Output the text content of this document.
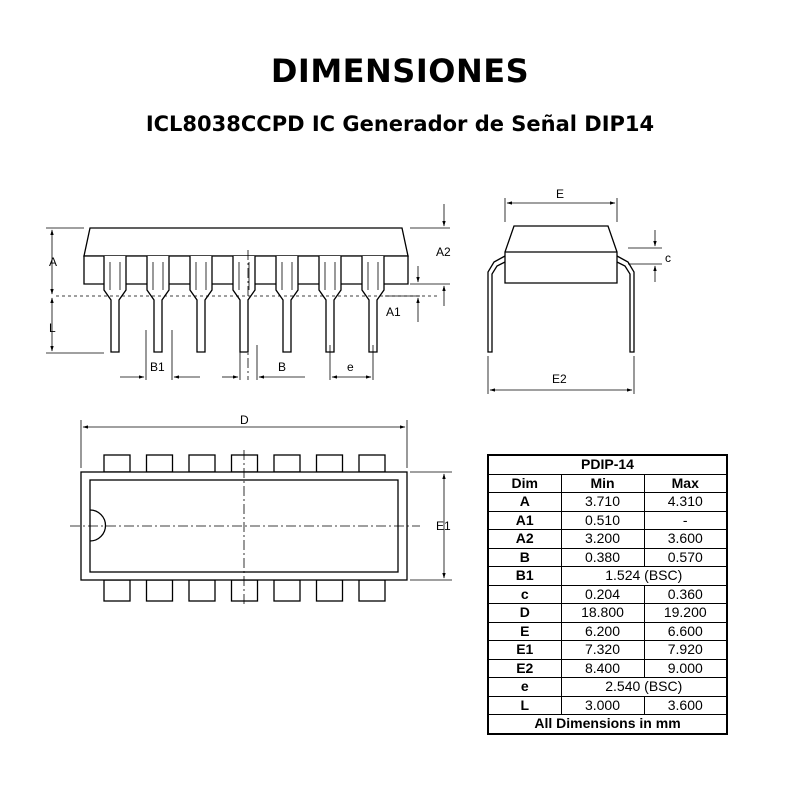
DIMENSIONES
ICL8038CCPD IC Generador de Señal DIP14
A
L
A2
A1
B1	B	e
E
c
E2
D
E1
PDIP-14		
Dim	Min	Max
A	3.710	4.310
A1	0.510	-
A2	3.200	3.600
B	0.380	0.570
B1	1.524 (BSC)	
c	0.204	0.360
D	18.800	19.200
E	6.200	6.600
E1	7.320	7.920
E2	8.400	9.000
e	2.540 (BSC)	
L	3.000	3.600
All Dimensions in mm		
